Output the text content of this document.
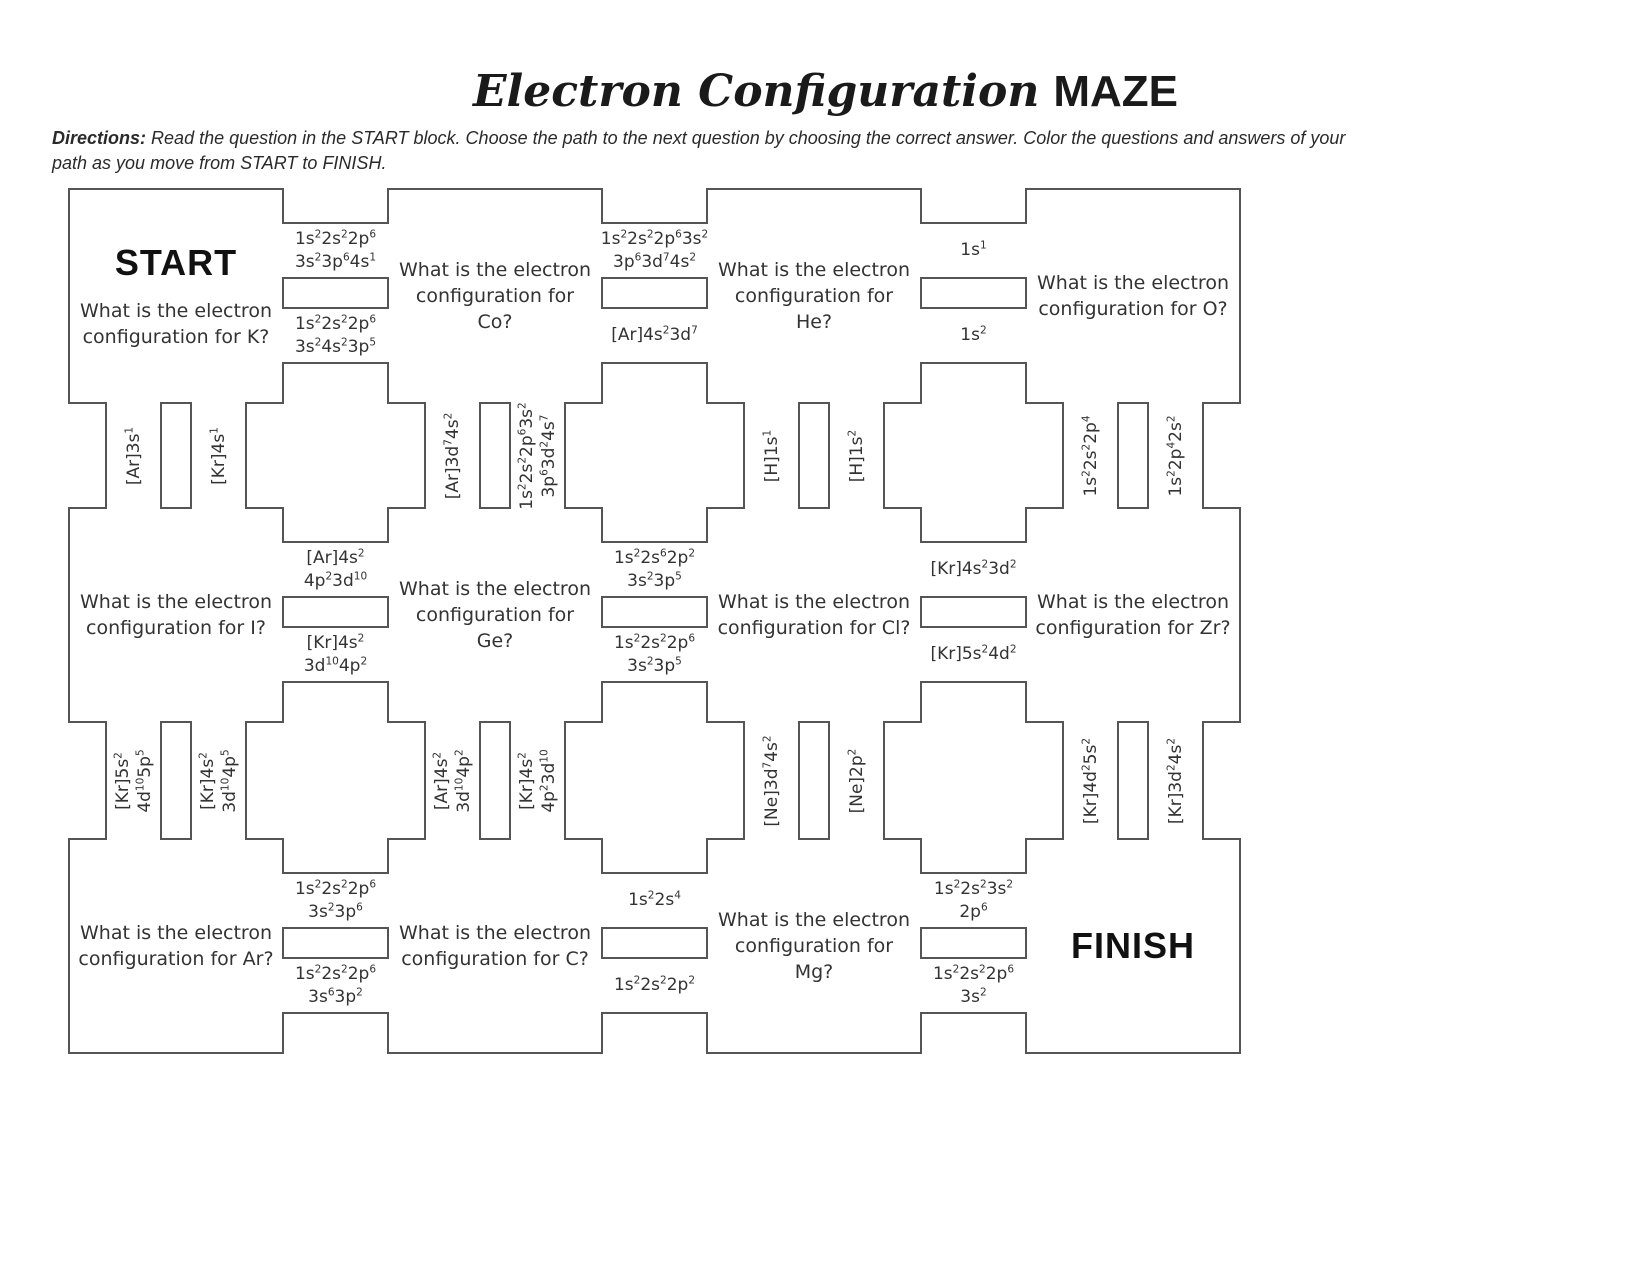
Electron Configuration MAZE
Directions: Read the question in the START block. Choose the path to the next question by choosing the correct answer. Color the questions and answers of your path as you move from START to FINISH.
START
What is the electron configuration for K?
What is the electron configuration for Co?
What is the electron configuration for He?
What is the electron configuration for O?
What is the electron configuration for I?
What is the electron configuration for Ge?
What is the electron configuration for Cl?
What is the electron configuration for Zr?
What is the electron configuration for Ar?
What is the electron configuration for C?
What is the electron configuration for Mg?
FINISH
$1s^22s^22p^6$
$3s^23p^64s^1$
$1s^22s^22p^6$
$3s^24s^23p^5$
$1s^22s^22p^63s^2$
$3p^63d^74s^2$
$[Ar]4s^23d^7$
$1s^1$
$1s^2$
$[Ar]4s^2$
$4p^23d^{10}$
$[Kr]4s^2$
$3d^{10}4p^2$
$1s^22s^62p^2$
$3s^23p^5$
$1s^22s^22p^6$
$3s^23p^5$
$[Kr]4s^23d^2$
$[Kr]5s^24d^2$
$1s^22s^22p^6$
$3s^23p^6$
$1s^22s^22p^6$
$3s^63p^2$
$1s^22s^4$
$1s^22s^22p^2$
$1s^22s^23s^2$
$2p^6$
$1s^22s^22p^6$
$3s^2$
$[Ar]3s^1$
$[Kr]4s^1$
$[Ar]3d^74s^2$
$1s^22s^22p^63s^2$
$3p^63d^24s^7$
$[H]1s^1$
$[H]1s^2$
$1s^22s^22p^4$
$1s^22p^42s^2$
$[Kr]5s^2$
$4d^{10}5p^5$
$[Kr]4s^2$
$3d^{10}4p^5$
$[Ar]4s^2$
$3d^{10}4p^2$
$[Kr]4s^2$
$4p^23d^{10}$
$[Ne]3d^74s^2$
$[Ne]2p^2$
$[Kr]4d^25s^2$
$[Kr]3d^24s^2$
